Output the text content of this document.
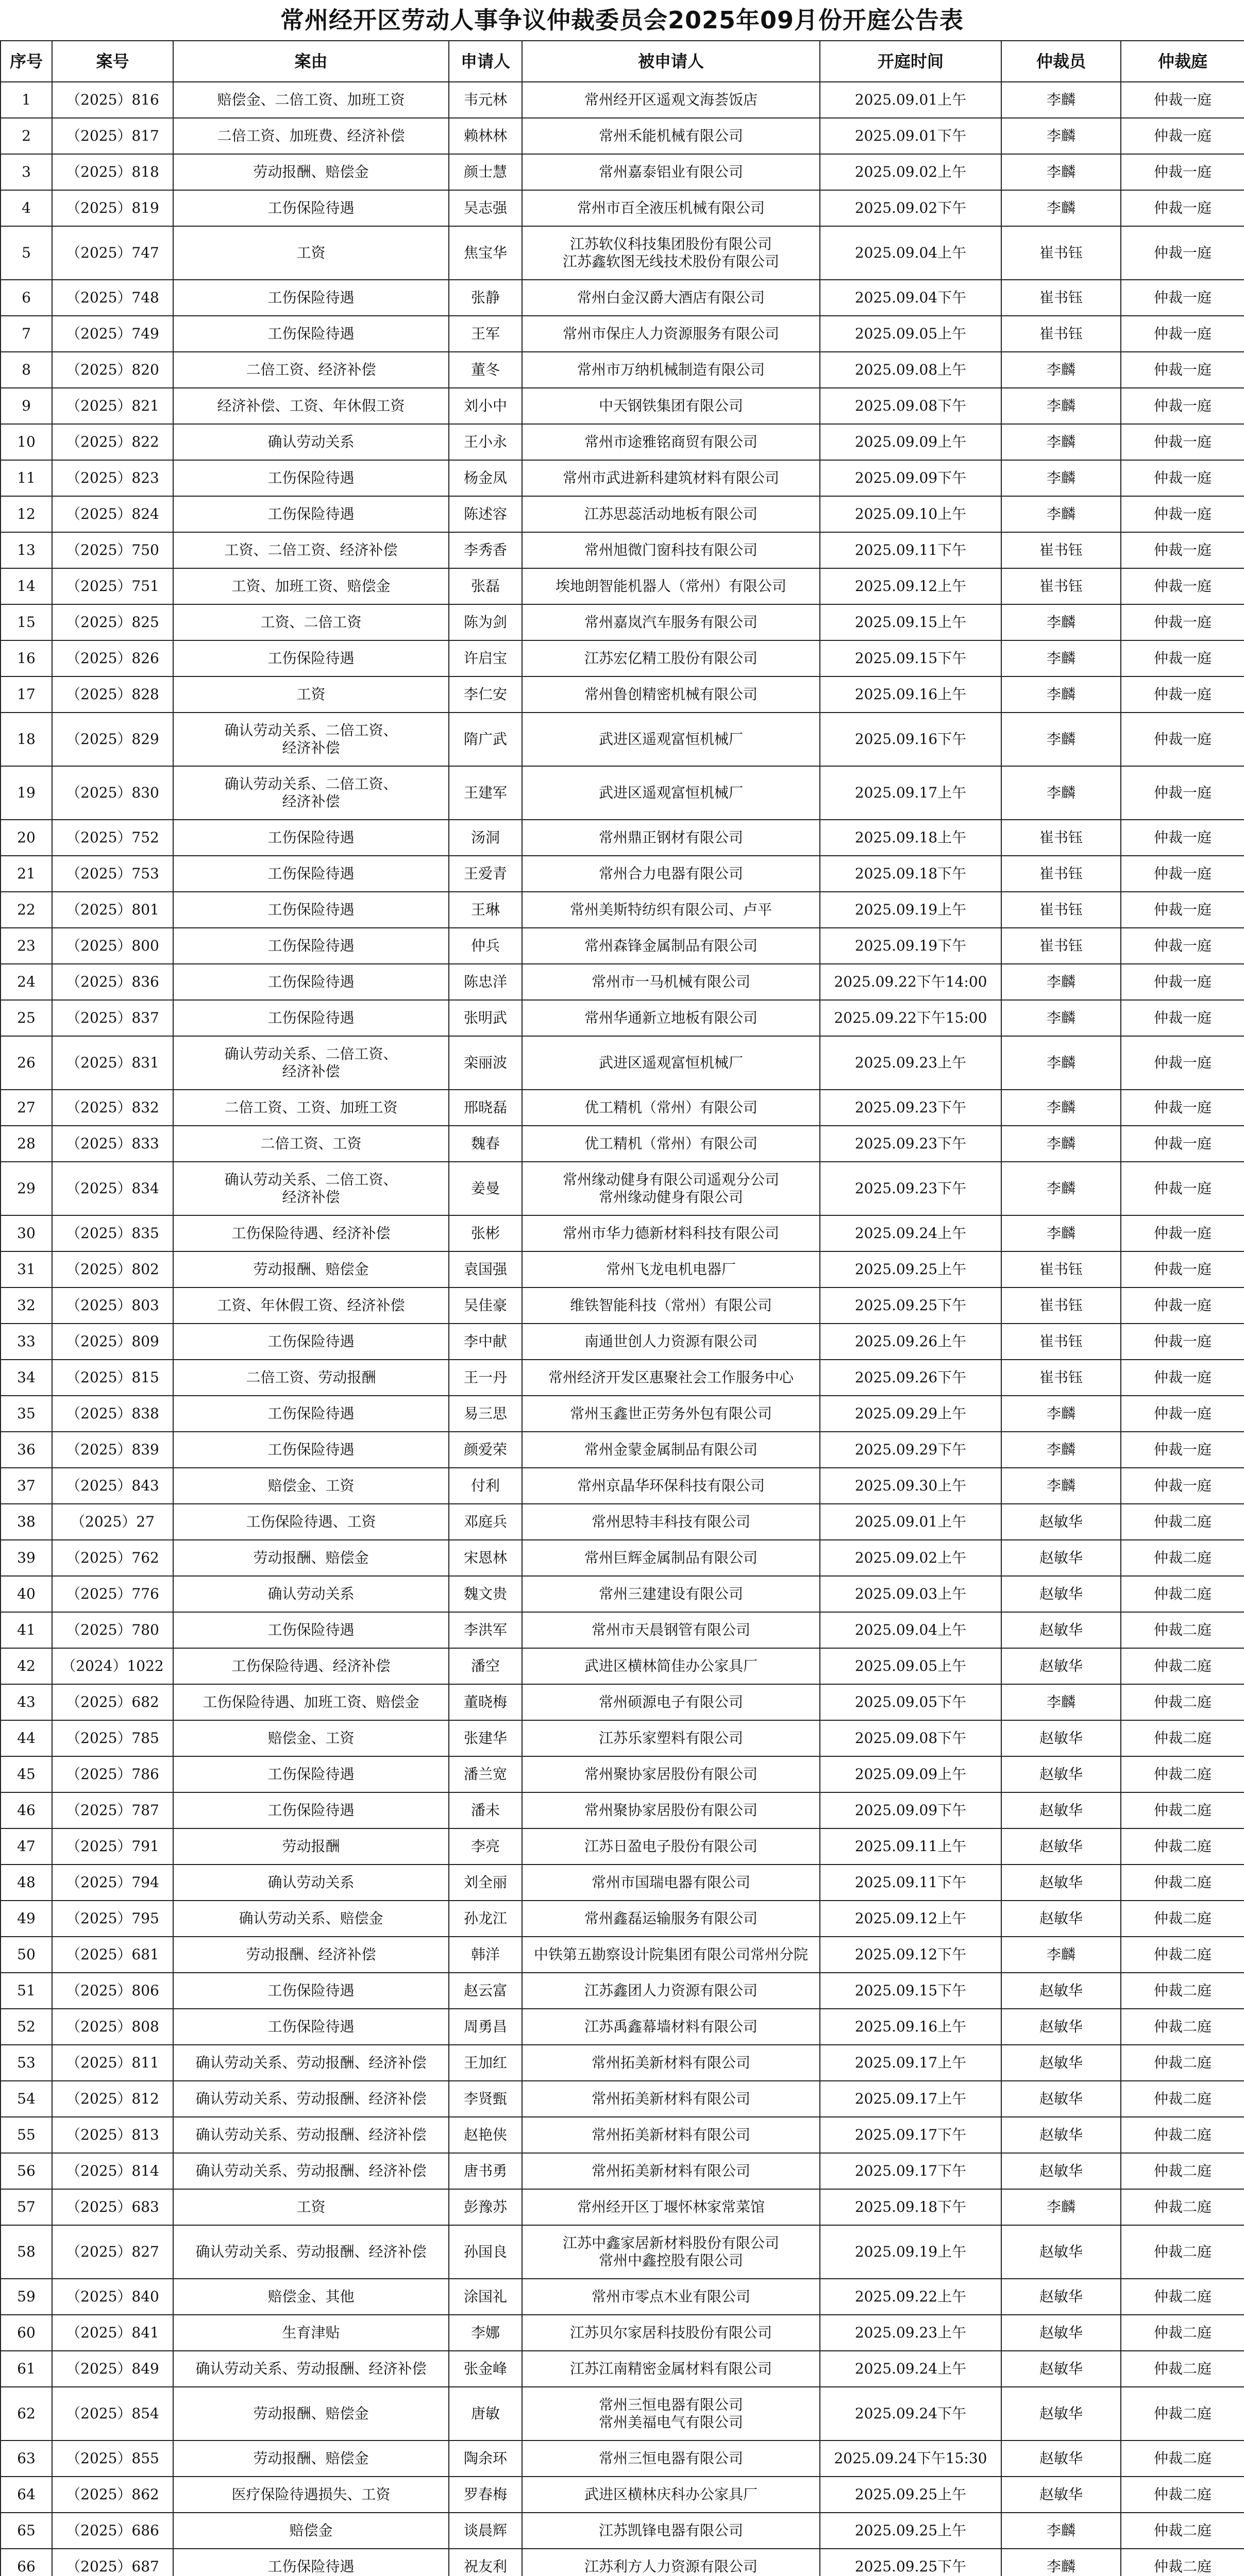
常州经开区劳动人事争议仲裁委员会2025年09月份开庭公告表
序号	案号	案由	申请人	被申请人	开庭时间	仲裁员	仲裁庭
1	（2025）816	赔偿金、二倍工资、加班工资	韦元林	常州经开区遥观文海荟饭店	2025.09.01上午	李麟	仲裁一庭
2	（2025）817	二倍工资、加班费、经济补偿	赖林林	常州禾能机械有限公司	2025.09.01下午	李麟	仲裁一庭
3	（2025）818	劳动报酬、赔偿金	颜士慧	常州嘉泰铝业有限公司	2025.09.02上午	李麟	仲裁一庭
4	（2025）819	工伤保险待遇	吴志强	常州市百全液压机械有限公司	2025.09.02下午	李麟	仲裁一庭
5	（2025）747	工资	焦宝华	江苏软仪科技集团股份有限公司
江苏鑫软图无线技术股份有限公司	2025.09.04上午	崔书钰	仲裁一庭
6	（2025）748	工伤保险待遇	张静	常州白金汉爵大酒店有限公司	2025.09.04下午	崔书钰	仲裁一庭
7	（2025）749	工伤保险待遇	王军	常州市保庄人力资源服务有限公司	2025.09.05上午	崔书钰	仲裁一庭
8	（2025）820	二倍工资、经济补偿	董冬	常州市万纳机械制造有限公司	2025.09.08上午	李麟	仲裁一庭
9	（2025）821	经济补偿、工资、年休假工资	刘小中	中天钢铁集团有限公司	2025.09.08下午	李麟	仲裁一庭
10	（2025）822	确认劳动关系	王小永	常州市途雅铭商贸有限公司	2025.09.09上午	李麟	仲裁一庭
11	（2025）823	工伤保险待遇	杨金凤	常州市武进新科建筑材料有限公司	2025.09.09下午	李麟	仲裁一庭
12	（2025）824	工伤保险待遇	陈述容	江苏思蕊活动地板有限公司	2025.09.10上午	李麟	仲裁一庭
13	（2025）750	工资、二倍工资、经济补偿	李秀香	常州旭微门窗科技有限公司	2025.09.11下午	崔书钰	仲裁一庭
14	（2025）751	工资、加班工资、赔偿金	张磊	埃地朗智能机器人（常州）有限公司	2025.09.12上午	崔书钰	仲裁一庭
15	（2025）825	工资、二倍工资	陈为剑	常州嘉岚汽车服务有限公司	2025.09.15上午	李麟	仲裁一庭
16	（2025）826	工伤保险待遇	许启宝	江苏宏亿精工股份有限公司	2025.09.15下午	李麟	仲裁一庭
17	（2025）828	工资	李仁安	常州鲁创精密机械有限公司	2025.09.16上午	李麟	仲裁一庭
18	（2025）829	确认劳动关系、二倍工资、
经济补偿	隋广武	武进区遥观富恒机械厂	2025.09.16下午	李麟	仲裁一庭
19	（2025）830	确认劳动关系、二倍工资、
经济补偿	王建军	武进区遥观富恒机械厂	2025.09.17上午	李麟	仲裁一庭
20	（2025）752	工伤保险待遇	汤洞	常州鼎正钢材有限公司	2025.09.18上午	崔书钰	仲裁一庭
21	（2025）753	工伤保险待遇	王爱青	常州合力电器有限公司	2025.09.18下午	崔书钰	仲裁一庭
22	（2025）801	工伤保险待遇	王琳	常州美斯特纺织有限公司、卢平	2025.09.19上午	崔书钰	仲裁一庭
23	（2025）800	工伤保险待遇	仲兵	常州森锋金属制品有限公司	2025.09.19下午	崔书钰	仲裁一庭
24	（2025）836	工伤保险待遇	陈忠洋	常州市一马机械有限公司	2025.09.22下午14:00	李麟	仲裁一庭
25	（2025）837	工伤保险待遇	张明武	常州华通新立地板有限公司	2025.09.22下午15:00	李麟	仲裁一庭
26	（2025）831	确认劳动关系、二倍工资、
经济补偿	栾丽波	武进区遥观富恒机械厂	2025.09.23上午	李麟	仲裁一庭
27	（2025）832	二倍工资、工资、加班工资	邢晓磊	优工精机（常州）有限公司	2025.09.23下午	李麟	仲裁一庭
28	（2025）833	二倍工资、工资	魏春	优工精机（常州）有限公司	2025.09.23下午	李麟	仲裁一庭
29	（2025）834	确认劳动关系、二倍工资、
经济补偿	姜曼	常州缘动健身有限公司遥观分公司
常州缘动健身有限公司	2025.09.23下午	李麟	仲裁一庭
30	（2025）835	工伤保险待遇、经济补偿	张彬	常州市华力德新材料科技有限公司	2025.09.24上午	李麟	仲裁一庭
31	（2025）802	劳动报酬、赔偿金	袁国强	常州飞龙电机电器厂	2025.09.25上午	崔书钰	仲裁一庭
32	（2025）803	工资、年休假工资、经济补偿	吴佳豪	维铁智能科技（常州）有限公司	2025.09.25下午	崔书钰	仲裁一庭
33	（2025）809	工伤保险待遇	李中献	南通世创人力资源有限公司	2025.09.26上午	崔书钰	仲裁一庭
34	（2025）815	二倍工资、劳动报酬	王一丹	常州经济开发区惠聚社会工作服务中心	2025.09.26下午	崔书钰	仲裁一庭
35	（2025）838	工伤保险待遇	易三思	常州玉鑫世正劳务外包有限公司	2025.09.29上午	李麟	仲裁一庭
36	（2025）839	工伤保险待遇	颜爱荣	常州金蒙金属制品有限公司	2025.09.29下午	李麟	仲裁一庭
37	（2025）843	赔偿金、工资	付利	常州京晶华环保科技有限公司	2025.09.30上午	李麟	仲裁一庭
38	（2025）27	工伤保险待遇、工资	邓庭兵	常州思特丰科技有限公司	2025.09.01上午	赵敏华	仲裁二庭
39	（2025）762	劳动报酬、赔偿金	宋恩林	常州巨辉金属制品有限公司	2025.09.02上午	赵敏华	仲裁二庭
40	（2025）776	确认劳动关系	魏文贵	常州三建建设有限公司	2025.09.03上午	赵敏华	仲裁二庭
41	（2025）780	工伤保险待遇	李洪军	常州市天晨钢管有限公司	2025.09.04上午	赵敏华	仲裁二庭
42	（2024）1022	工伤保险待遇、经济补偿	潘空	武进区横林简佳办公家具厂	2025.09.05上午	赵敏华	仲裁二庭
43	（2025）682	工伤保险待遇、加班工资、赔偿金	董晓梅	常州硕源电子有限公司	2025.09.05下午	李麟	仲裁二庭
44	（2025）785	赔偿金、工资	张建华	江苏乐家塑料有限公司	2025.09.08下午	赵敏华	仲裁二庭
45	（2025）786	工伤保险待遇	潘兰宽	常州聚协家居股份有限公司	2025.09.09上午	赵敏华	仲裁二庭
46	（2025）787	工伤保险待遇	潘未	常州聚协家居股份有限公司	2025.09.09下午	赵敏华	仲裁二庭
47	（2025）791	劳动报酬	李亮	江苏日盈电子股份有限公司	2025.09.11上午	赵敏华	仲裁二庭
48	（2025）794	确认劳动关系	刘全丽	常州市国瑞电器有限公司	2025.09.11下午	赵敏华	仲裁二庭
49	（2025）795	确认劳动关系、赔偿金	孙龙江	常州鑫磊运输服务有限公司	2025.09.12上午	赵敏华	仲裁二庭
50	（2025）681	劳动报酬、经济补偿	韩洋	中铁第五勘察设计院集团有限公司常州分院	2025.09.12下午	李麟	仲裁二庭
51	（2025）806	工伤保险待遇	赵云富	江苏鑫团人力资源有限公司	2025.09.15下午	赵敏华	仲裁二庭
52	（2025）808	工伤保险待遇	周勇昌	江苏禹鑫幕墙材料有限公司	2025.09.16上午	赵敏华	仲裁二庭
53	（2025）811	确认劳动关系、劳动报酬、经济补偿	王加红	常州拓美新材料有限公司	2025.09.17上午	赵敏华	仲裁二庭
54	（2025）812	确认劳动关系、劳动报酬、经济补偿	李贤甄	常州拓美新材料有限公司	2025.09.17上午	赵敏华	仲裁二庭
55	（2025）813	确认劳动关系、劳动报酬、经济补偿	赵艳侠	常州拓美新材料有限公司	2025.09.17下午	赵敏华	仲裁二庭
56	（2025）814	确认劳动关系、劳动报酬、经济补偿	唐书勇	常州拓美新材料有限公司	2025.09.17下午	赵敏华	仲裁二庭
57	（2025）683	工资	彭豫苏	常州经开区丁堰怀林家常菜馆	2025.09.18下午	李麟	仲裁二庭
58	（2025）827	确认劳动关系、劳动报酬、经济补偿	孙国良	江苏中鑫家居新材料股份有限公司
常州中鑫控股有限公司	2025.09.19上午	赵敏华	仲裁二庭
59	（2025）840	赔偿金、其他	涂国礼	常州市零点木业有限公司	2025.09.22上午	赵敏华	仲裁二庭
60	（2025）841	生育津贴	李娜	江苏贝尔家居科技股份有限公司	2025.09.23上午	赵敏华	仲裁二庭
61	（2025）849	确认劳动关系、劳动报酬、经济补偿	张金峰	江苏江南精密金属材料有限公司	2025.09.24上午	赵敏华	仲裁二庭
62	（2025）854	劳动报酬、赔偿金	唐敏	常州三恒电器有限公司
常州美福电气有限公司	2025.09.24下午	赵敏华	仲裁二庭
63	（2025）855	劳动报酬、赔偿金	陶余环	常州三恒电器有限公司	2025.09.24下午15:30	赵敏华	仲裁二庭
64	（2025）862	医疗保险待遇损失、工资	罗春梅	武进区横林庆科办公家具厂	2025.09.25上午	赵敏华	仲裁二庭
65	（2025）686	赔偿金	谈晨辉	江苏凯锋电器有限公司	2025.09.25上午	李麟	仲裁二庭
66	（2025）687	工伤保险待遇	祝友利	江苏利方人力资源有限公司	2025.09.25下午	李麟	仲裁二庭
